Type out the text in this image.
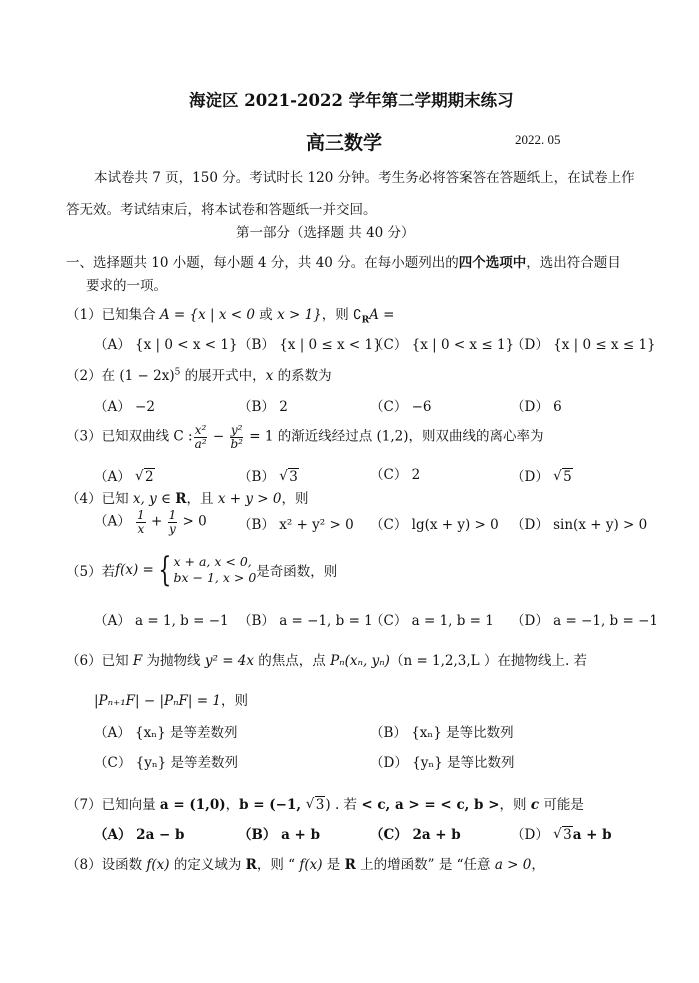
海淀区 2021-2022 学年第二学期期末练习
高三数学	2022. 05
本试卷共 7 页，150 分。考试时长 120 分钟。考生务必将答案答在答题纸上，在试卷上作
答无效。考试结束后，将本试卷和答题纸一并交回。
第一部分（选择题 共 40 分）
一、选择题共 10 小题，每小题 4 分，共 40 分。在每小题列出的四个选项中，选出符合题目
要求的一项。
（1）已知集合 A = {x | x < 0 或 x > 1}，则 $∁_RA$ =
（A） {x | 0 < x < 1} （B） {x | 0 ≤ x < 1}
（C） {x | 0 < x ≤ 1}
（D） {x | 0 ≤ x ≤ 1}
（2）在 $(1 - 2x)^5$ 的展开式中，x 的系数为
（A） −2	（B） 2	（C） −6	（D） 6
（3）已知双曲线 C : $\frac{\text{x²}}{\text{a²}} - \frac{\text{y²}}{\text{b²}} = 1$ 的渐近线经过点 (1,2)，则双曲线的离心率为
（A） √ 2	（B） √ 3	（C） 2	（D） √ 5
（4）已知 x, y ∈ R，且 x + y > 0，则
$(A) \frac{1}{x} + \frac{1}{y} > 0$ （B） x² + y² > 0 （C） lg(x + y) > 0 （D） sin(x + y) > 0
（5） 若 f(x) = { x + a, x < 0,
bx − 1, x > 0 是奇函数，则
（A） a = 1, b = −1 （B） a = −1, b = 1
（C） a = 1, b = 1 （D） a = −1, b = −1
（6）已知 F 为抛物线 y² = 4x 的焦点，点 Pₙ(xₙ, yₙ)（n = 1,2,3,L ）在抛物线上. 若
|Pₙ₊₁F| − |PₙF| = 1，则
（A） {xₙ} 是等差数列	（B） {xₙ} 是等比数列
（C） {yₙ} 是等差数列	（D） {yₙ} 是等比数列
（7）已知向量 a = (1,0)，b = (−1, √ 3) . 若 < c, a > = < c, b >，则 c 可能是
（A） 2a − b	（B） a + b	（C） 2a + b	（D） √ 3a + b
（8）设函数 f(x) 的定义域为 R，则 “ f(x) 是 R 上的增函数” 是 “任意 a > 0，
